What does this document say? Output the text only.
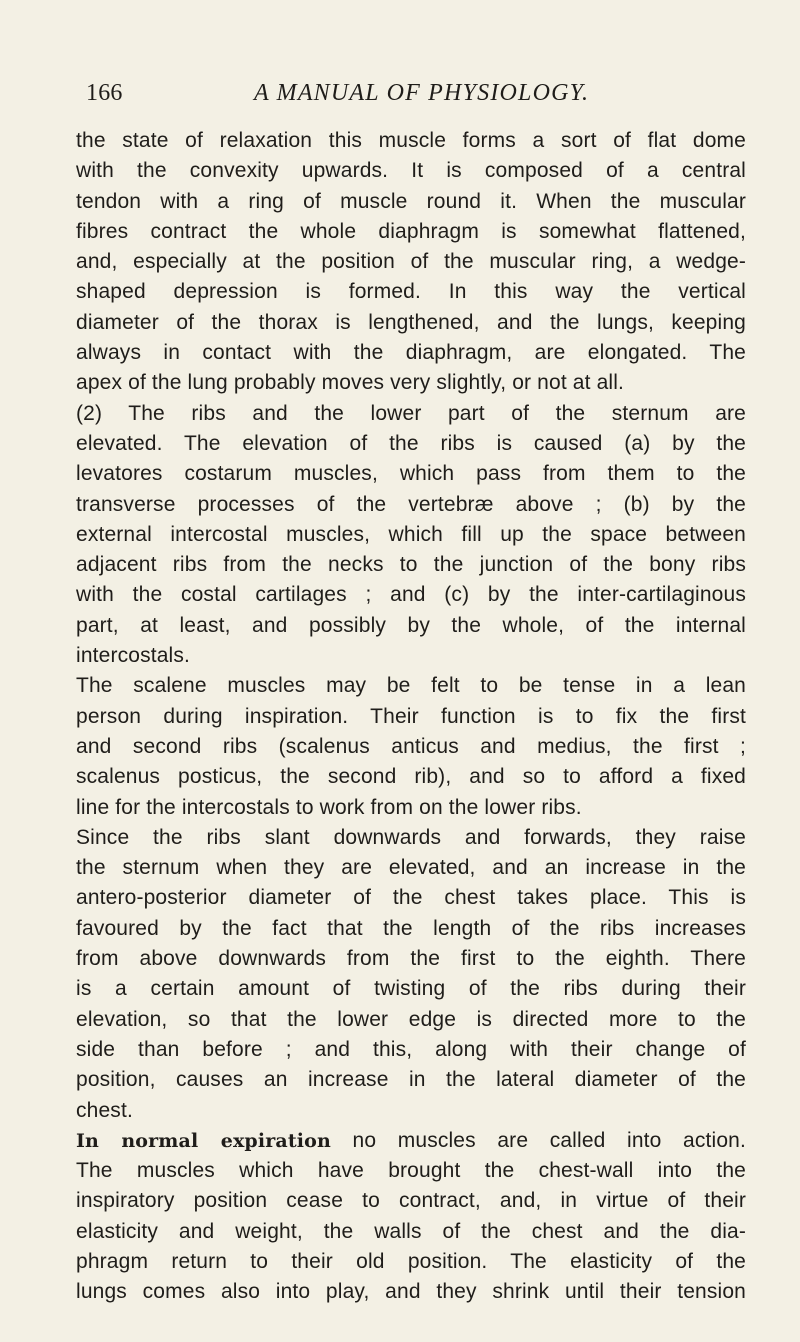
166	A MANUAL OF PHYSIOLOGY.
the state of relaxation this muscle forms a sort of flat dome
with the convexity upwards. It is composed of a central
tendon with a ring of muscle round it. When the muscular
fibres contract the whole diaphragm is somewhat flattened,
and, especially at the position of the muscular ring, a wedge-
shaped depression is formed. In this way the vertical
diameter of the thorax is lengthened, and the lungs, keeping
always in contact with the diaphragm, are elongated. The
apex of the lung probably moves very slightly, or not at all.
(2) The ribs and the lower part of the sternum are
elevated. The elevation of the ribs is caused (a) by the
levatores costarum muscles, which pass from them to the
transverse processes of the vertebræ above ; (b) by the
external intercostal muscles, which fill up the space between
adjacent ribs from the necks to the junction of the bony ribs
with the costal cartilages ; and (c) by the inter-cartilaginous
part, at least, and possibly by the whole, of the internal
intercostals.
The scalene muscles may be felt to be tense in a lean
person during inspiration. Their function is to fix the first
and second ribs (scalenus anticus and medius, the first ;
scalenus posticus, the second rib), and so to afford a fixed
line for the intercostals to work from on the lower ribs.
Since the ribs slant downwards and forwards, they raise
the sternum when they are elevated, and an increase in the
antero-posterior diameter of the chest takes place. This is
favoured by the fact that the length of the ribs increases
from above downwards from the first to the eighth. There
is a certain amount of twisting of the ribs during their
elevation, so that the lower edge is directed more to the
side than before ; and this, along with their change of
position, causes an increase in the lateral diameter of the
chest.
In normal expiration no muscles are called into action.
The muscles which have brought the chest-wall into the
inspiratory position cease to contract, and, in virtue of their
elasticity and weight, the walls of the chest and the dia-
phragm return to their old position. The elasticity of the
lungs comes also into play, and they shrink until their tension
